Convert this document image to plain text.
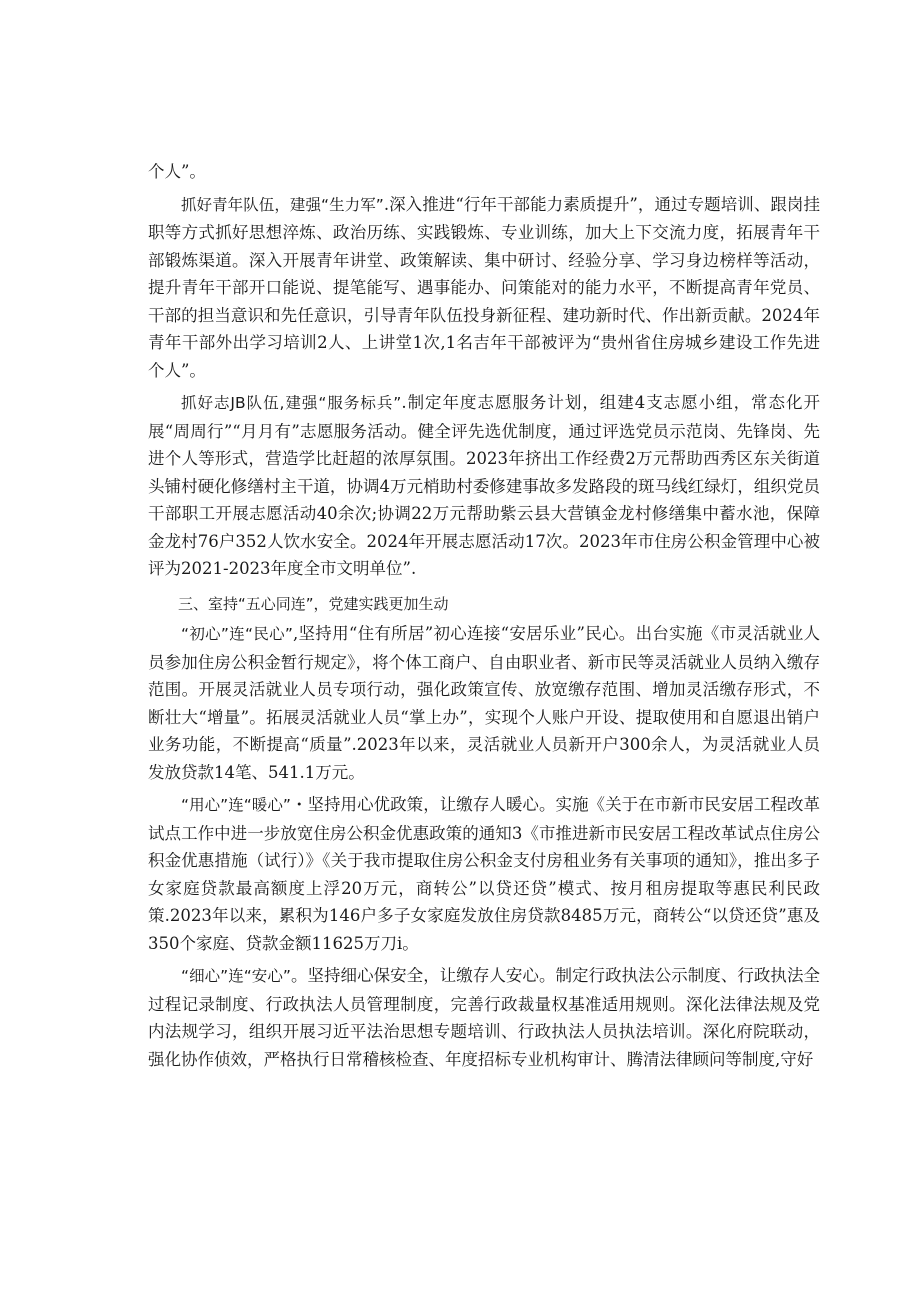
个人”。

抓好青年队伍，建强“生力军”.深入推进“行年干部能力素质提升”，通过专题培训、跟岗挂职等方式抓好思想淬炼、政治历练、实践锻炼、专业训练，加大上下交流力度，拓展青年干部锻炼渠道。深入开展青年讲堂、政策解读、集中研讨、经验分享、学习身边榜样等活动，提升青年干部开口能说、提笔能写、遇事能办、问策能对的能力水平，不断提高青年党员、干部的担当意识和先任意识，引导青年队伍投身新征程、建功新时代、作出新贡献。2024年青年干部外出学习培训2人、上讲堂1次,1名吉年干部被评为“贵州省住房城乡建设工作先进个人”。

抓好志JB队伍,建强“服务标兵”.制定年度志愿服务计划，组建4支志愿小组，常态化开展“周周行”“月月有”志愿服务活动。健全评先选优制度，通过评选党员示范岗、先锋岗、先进个人等形式，营造学比赶超的浓厚氛围。2023年挤出工作经费2万元帮助西秀区东关街道头铺村硬化修缮村主干道，协调4万元梢助村委修建事故多发路段的斑马线红绿灯，组织党员干部职工开展志愿活动40余次;协调22万元帮助紫云县大营镇金龙村修缮集中蓄水池，保障金龙村76户352人饮水安全。2024年开展志愿活动17次。2023年市住房公积金管理中心被评为2021-2023年度全市文明单位”.

三、室持“五心同连”，党建实践更加生动

“初心”连“民心”,坚持用“住有所居”初心连接“安居乐业”民心。出台实施《市灵活就业人员参加住房公积金暂行规定》，将个体工商户、自由职业者、新市民等灵活就业人员纳入缴存范围。开展灵活就业人员专项行动，强化政策宣传、放宽缴存范围、增加灵活缴存形式，不断壮大“增量”。拓展灵活就业人员“掌上办”，实现个人账户开设、提取使用和自愿退出销户业务功能，不断提高“质量”.2023年以来，灵活就业人员新开户300余人，为灵活就业人员发放贷款14笔、541.1万元。

“用心”连“暖心”・坚持用心优政策，让缴存人暖心。实施《关于在市新市民安居工程改革试点工作中进一步放宽住房公积金优惠政策的通知3《市推进新市民安居工程改革试点住房公积金优惠措施（试行）》《关于我市提取住房公积金支付房租业务有关事项的通知》，推出多子女家庭贷款最高额度上浮20万元，商转公”以贷还贷”模式、按月租房提取等惠民利民政策.2023年以来，累积为146户多子女家庭发放住房贷款8485万元，商转公“以贷还贷”惠及350个家庭、贷款金额11625万刀i。

“细心”连“安心”。坚持细心保安全，让缴存人安心。制定行政执法公示制度、行政执法全过程记录制度、行政执法人员管理制度，完善行政裁量权基准适用规则。深化法律法规及党内法规学习，组织开展习近平法治思想专题培训、行政执法人员执法培训。深化府院联动，强化协作侦效，严格执行日常稽核检查、年度招标专业机构审计、腾清法律顾问等制度,守好
